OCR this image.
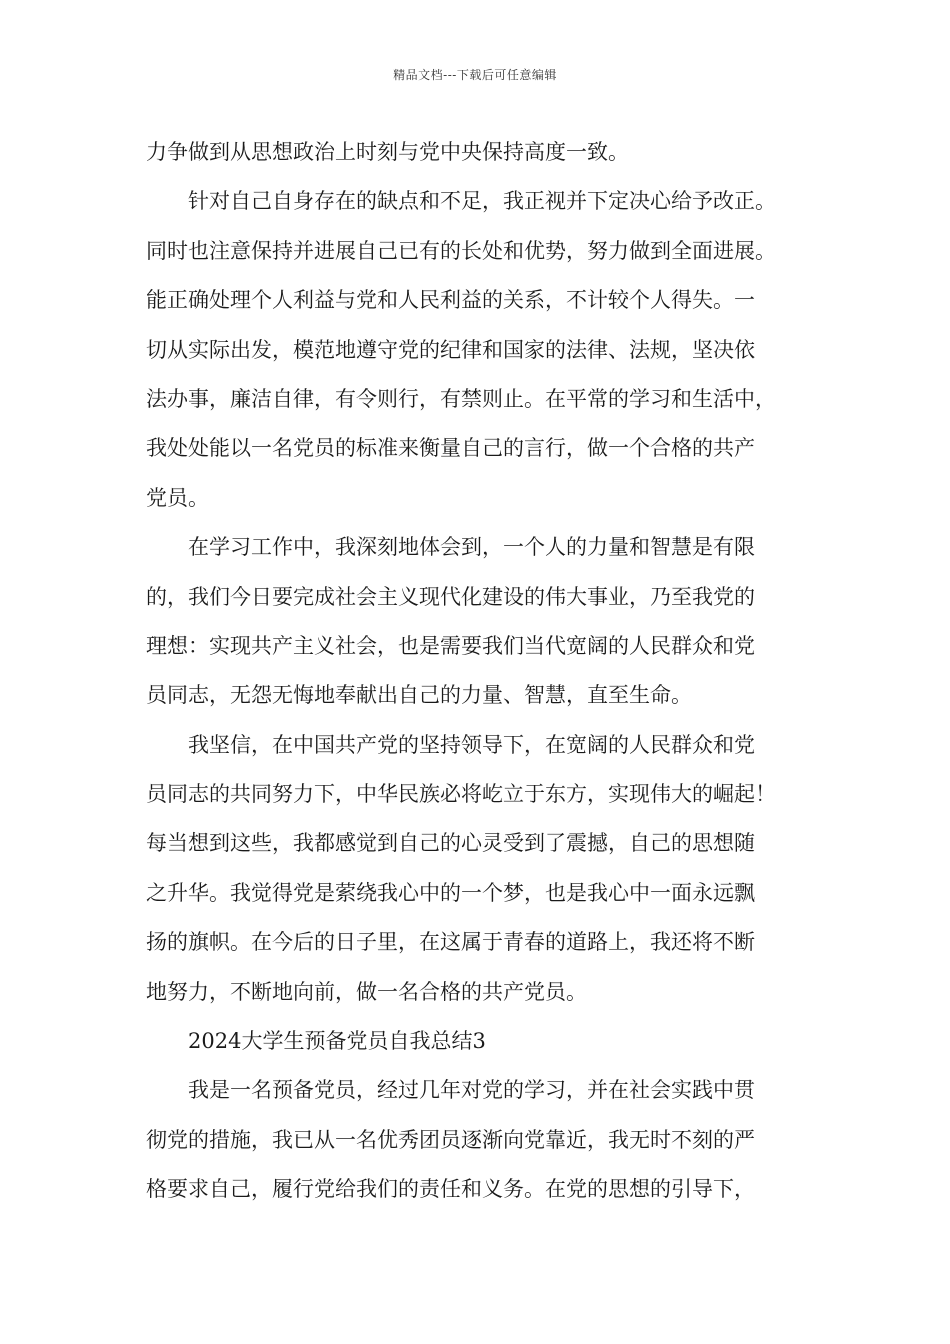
精品文档---下载后可任意编辑
力争做到从思想政治上时刻与党中央保持高度一致。
针对自己自身存在的缺点和不足，我正视并下定决心给予改正。
同时也注意保持并进展自己已有的长处和优势，努力做到全面进展。
能正确处理个人利益与党和人民利益的关系，不计较个人得失。一
切从实际出发，模范地遵守党的纪律和国家的法律、法规，坚决依
法办事，廉洁自律，有令则行，有禁则止。在平常的学习和生活中，
我处处能以一名党员的标准来衡量自己的言行，做一个合格的共产
党员。
在学习工作中，我深刻地体会到，一个人的力量和智慧是有限
的，我们今日要完成社会主义现代化建设的伟大事业，乃至我党的
理想：实现共产主义社会，也是需要我们当代宽阔的人民群众和党
员同志，无怨无悔地奉献出自己的力量、智慧，直至生命。
我坚信，在中国共产党的坚持领导下，在宽阔的人民群众和党
员同志的共同努力下，中华民族必将屹立于东方，实现伟大的崛起！
每当想到这些，我都感觉到自己的心灵受到了震撼，自己的思想随
之升华。我觉得党是萦绕我心中的一个梦，也是我心中一面永远飘
扬的旗帜。在今后的日子里，在这属于青春的道路上，我还将不断
地努力，不断地向前，做一名合格的共产党员。
2024大学生预备党员自我总结3
我是一名预备党员，经过几年对党的学习，并在社会实践中贯
彻党的措施，我已从一名优秀团员逐渐向党靠近，我无时不刻的严
格要求自己，履行党给我们的责任和义务。在党的思想的引导下，
